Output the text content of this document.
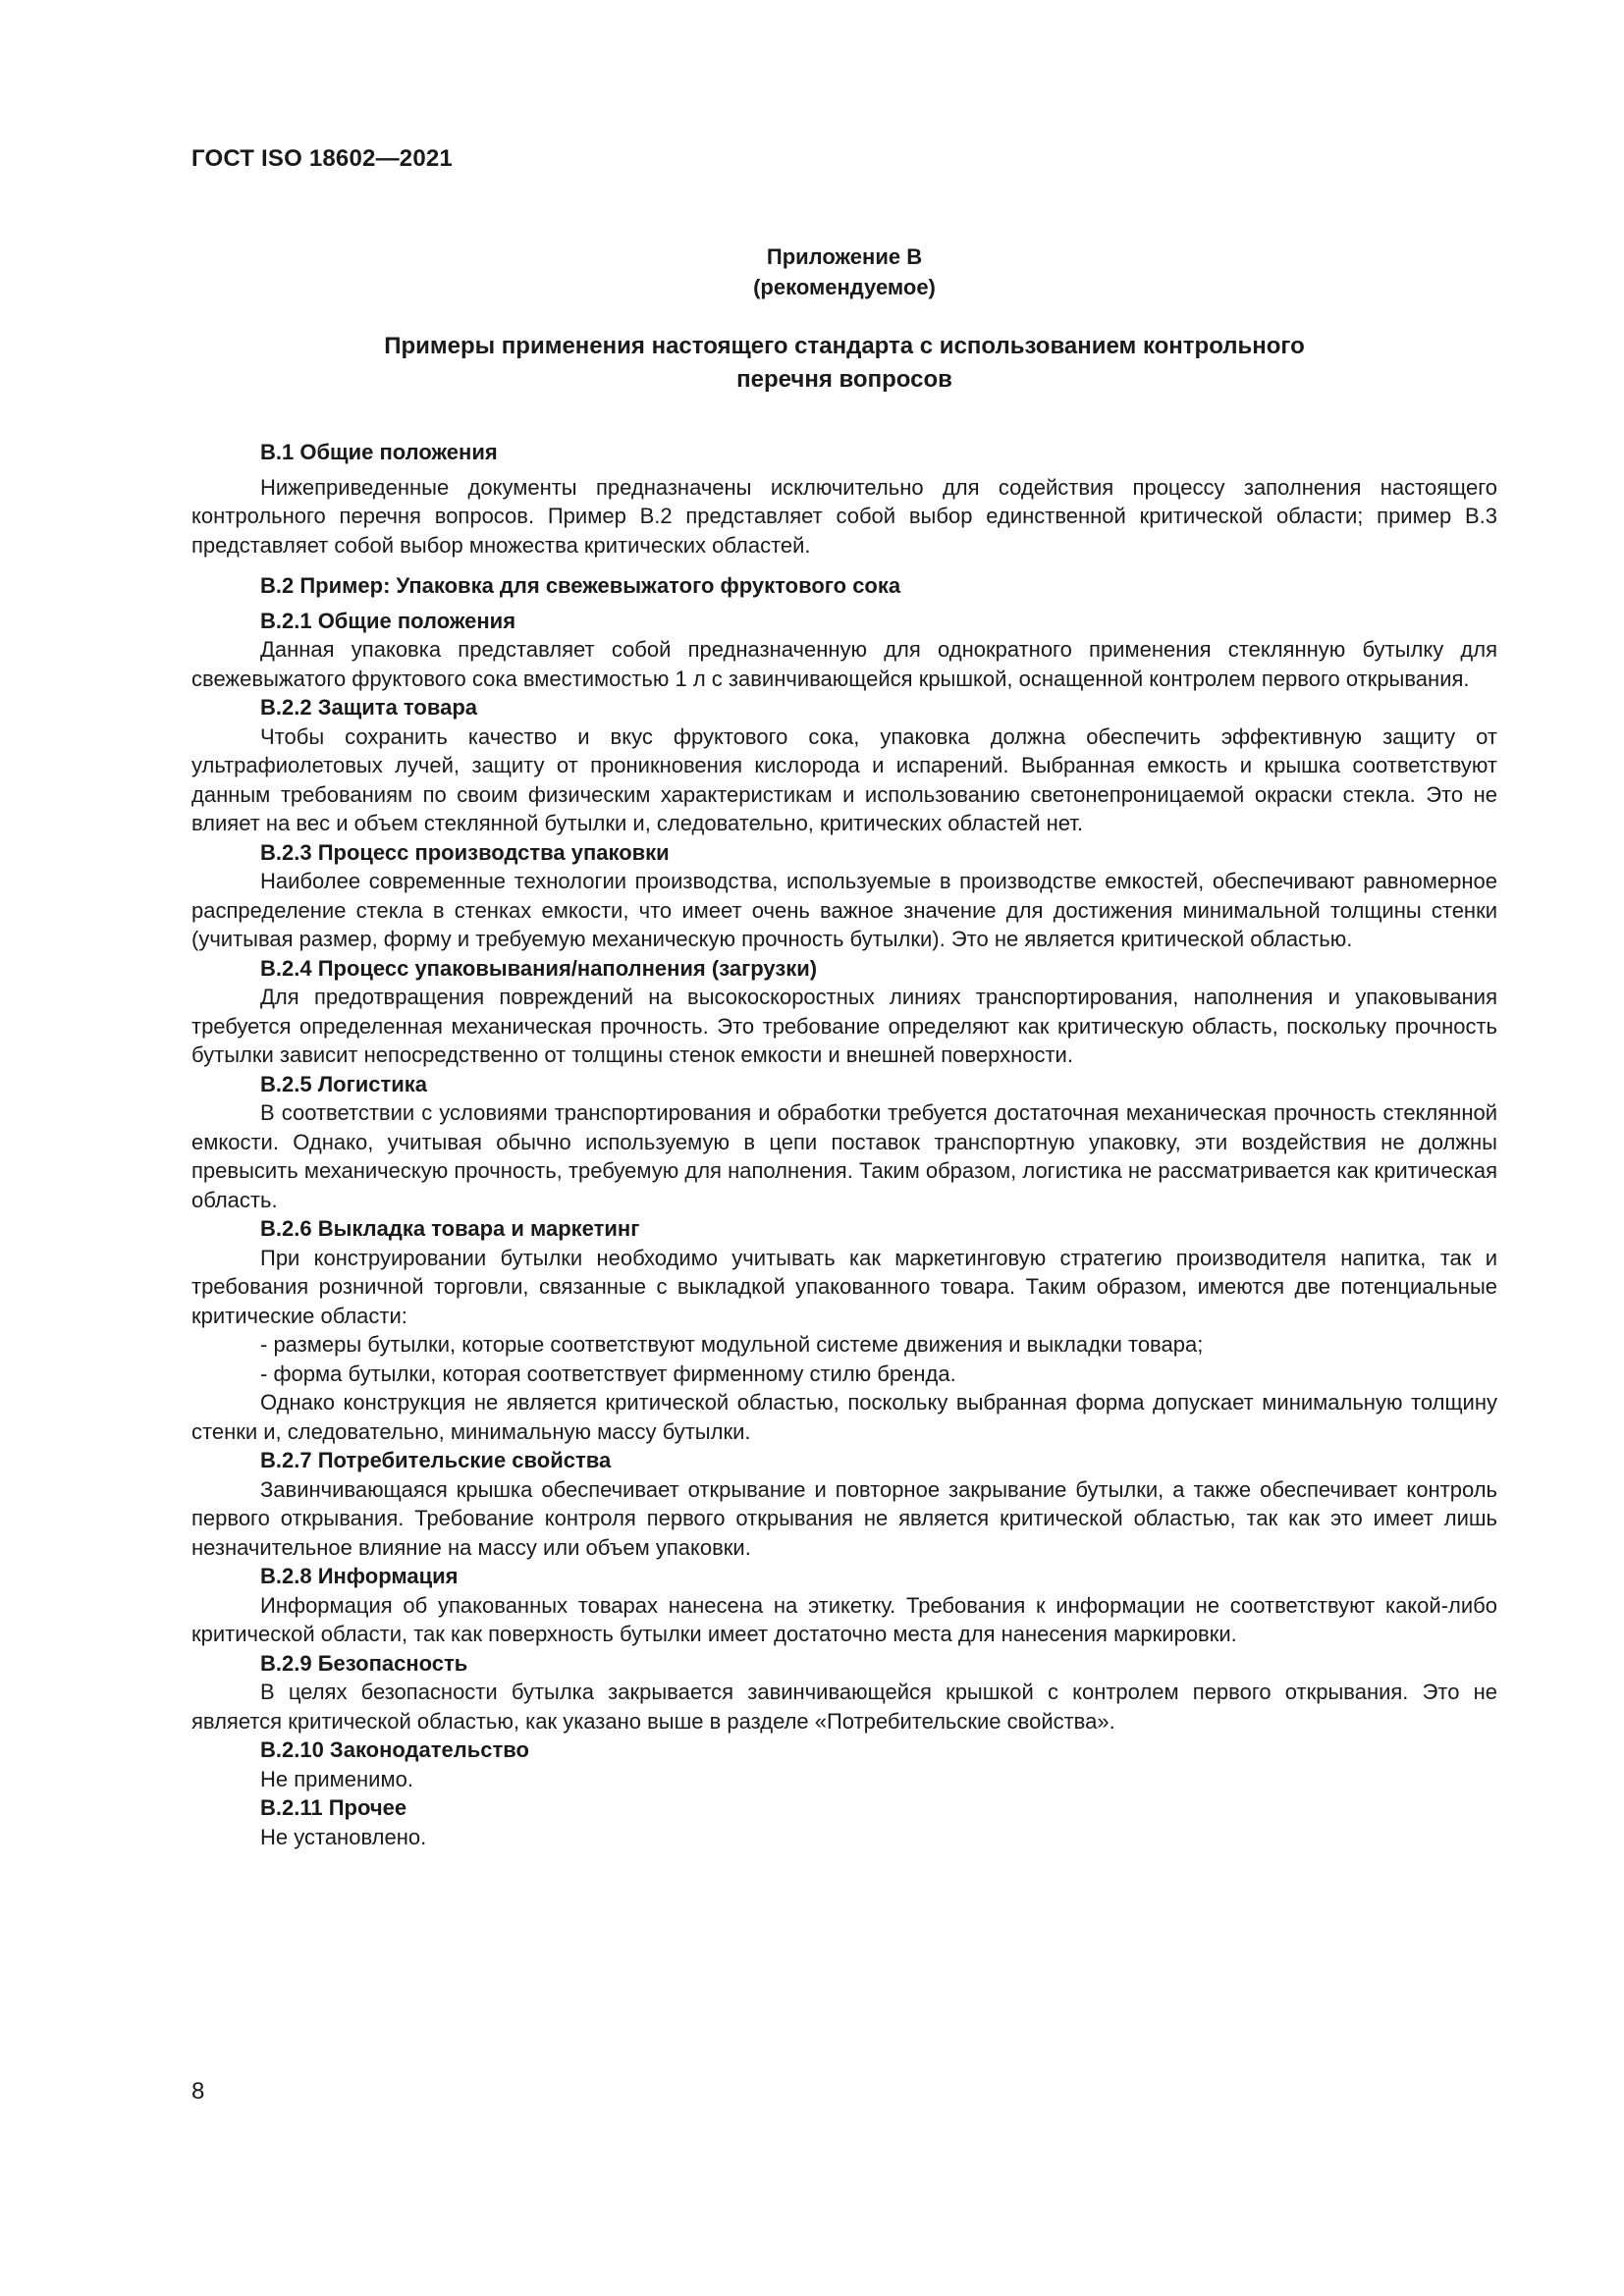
ГОСТ ISO 18602—2021
Приложение В
(рекомендуемое)
Примеры применения настоящего стандарта с использованием контрольного
перечня вопросов
В.1 Общие положения

Нижеприведенные документы предназначены исключительно для содействия процессу заполнения настоящего контрольного перечня вопросов. Пример В.2 представляет собой выбор единственной критической области; пример В.3 представляет собой выбор множества критических областей.

В.2 Пример: Упаковка для свежевыжатого фруктового сока
В.2.1 Общие положения

Данная упаковка представляет собой предназначенную для однократного применения стеклянную бутылку для свежевыжатого фруктового сока вместимостью 1 л с завинчивающейся крышкой, оснащенной контролем первого открывания.

В.2.2 Защита товара

Чтобы сохранить качество и вкус фруктового сока, упаковка должна обеспечить эффективную защиту от ультрафиолетовых лучей, защиту от проникновения кислорода и испарений. Выбранная емкость и крышка соответствуют данным требованиям по своим физическим характеристикам и использованию светонепроницаемой окраски стекла. Это не влияет на вес и объем стеклянной бутылки и, следовательно, критических областей нет.

В.2.3 Процесс производства упаковки

Наиболее современные технологии производства, используемые в производстве емкостей, обеспечивают равномерное распределение стекла в стенках емкости, что имеет очень важное значение для достижения минимальной толщины стенки (учитывая размер, форму и требуемую механическую прочность бутылки). Это не является критической областью.

В.2.4 Процесс упаковывания/наполнения (загрузки)

Для предотвращения повреждений на высокоскоростных линиях транспортирования, наполнения и упаковывания требуется определенная механическая прочность. Это требование определяют как критическую область, поскольку прочность бутылки зависит непосредственно от толщины стенок емкости и внешней поверхности.

В.2.5 Логистика

В соответствии с условиями транспортирования и обработки требуется достаточная механическая прочность стеклянной емкости. Однако, учитывая обычно используемую в цепи поставок транспортную упаковку, эти воздействия не должны превысить механическую прочность, требуемую для наполнения. Таким образом, логистика не рассматривается как критическая область.

В.2.6 Выкладка товара и маркетинг

При конструировании бутылки необходимо учитывать как маркетинговую стратегию производителя напитка, так и требования розничной торговли, связанные с выкладкой упакованного товара. Таким образом, имеются две потенциальные критические области:

- размеры бутылки, которые соответствуют модульной системе движения и выкладки товара;

- форма бутылки, которая соответствует фирменному стилю бренда.

Однако конструкция не является критической областью, поскольку выбранная форма допускает минимальную толщину стенки и, следовательно, минимальную массу бутылки.

В.2.7 Потребительские свойства

Завинчивающаяся крышка обеспечивает открывание и повторное закрывание бутылки, а также обеспечивает контроль первого открывания. Требование контроля первого открывания не является критической областью, так как это имеет лишь незначительное влияние на массу или объем упаковки.

В.2.8 Информация

Информация об упакованных товарах нанесена на этикетку. Требования к информации не соответствуют какой-либо критической области, так как поверхность бутылки имеет достаточно места для нанесения маркировки.

В.2.9 Безопасность

В целях безопасности бутылка закрывается завинчивающейся крышкой с контролем первого открывания. Это не является критической областью, как указано выше в разделе «Потребительские свойства».

В.2.10 Законодательство

Не применимо.

В.2.11 Прочее

Не установлено.

8
